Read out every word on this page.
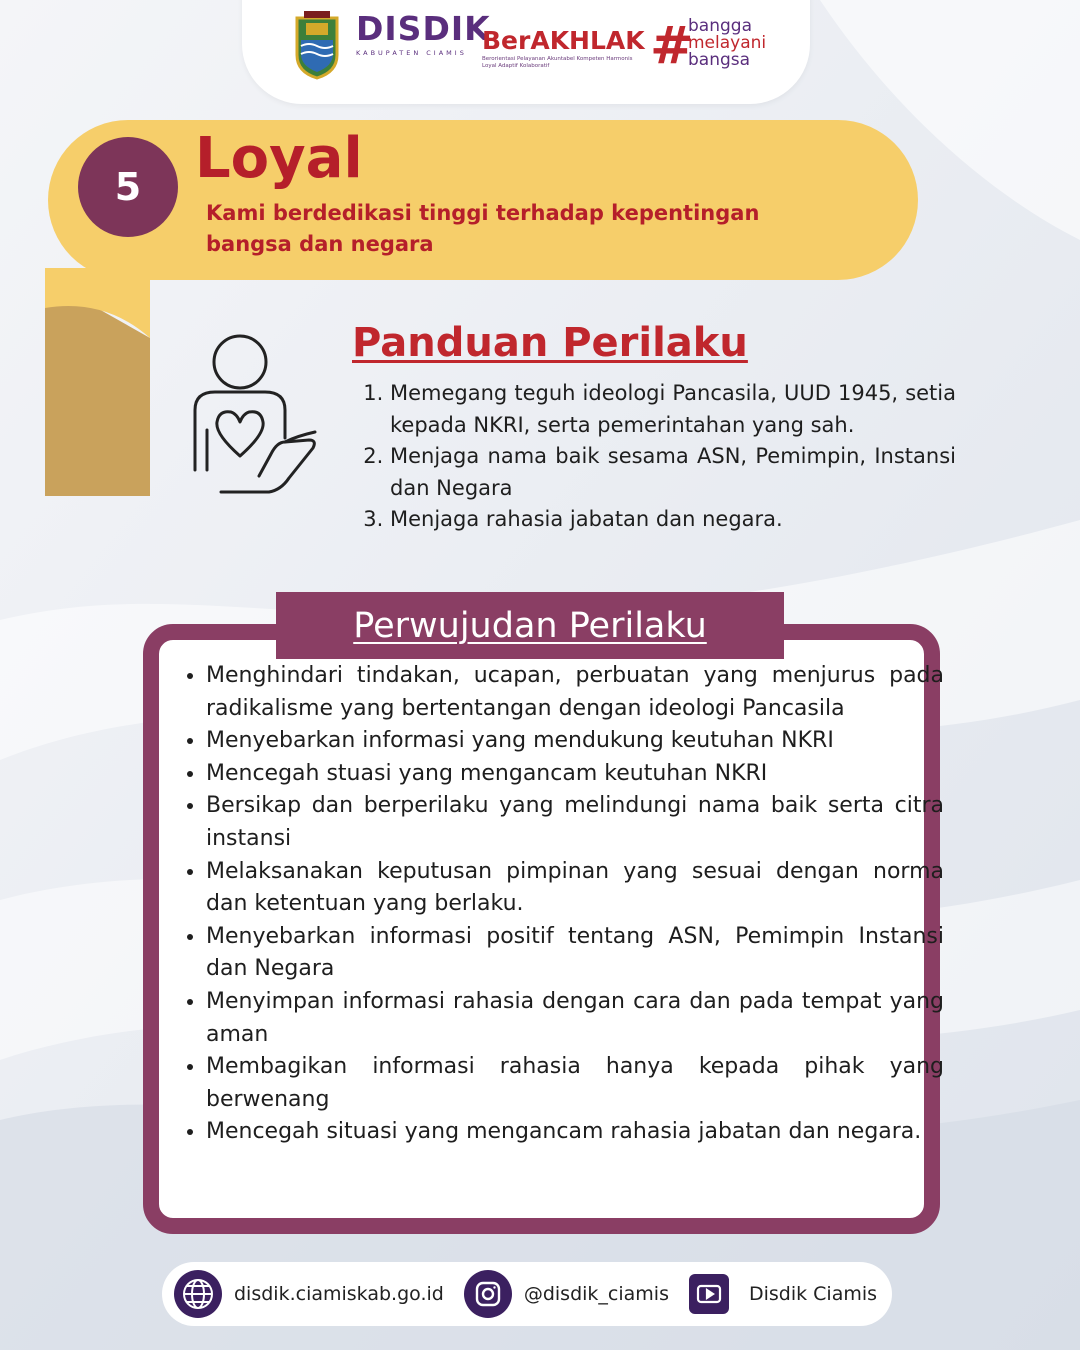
DISDIK
KABUPATEN CIAMIS BerAKHLAK
Berorientasi Pelayanan Akuntabel Kompeten Harmonis Loyal Adaptif Kolaboratif	#
bangga
melayani
bangsa
5 Loyal
Kami berdedikasi tinggi terhadap kepentingan bangsa dan negara
Panduan Perilaku
1. Memegang teguh ideologi Pancasila, UUD 1945, setia kepada NKRI, serta pemerintahan yang sah.
2. Menjaga nama baik sesama ASN, Pemimpin, Instansi dan Negara
3. Menjaga rahasia jabatan dan negara.
Perwujudan Perilaku
• Menghindari tindakan, ucapan, perbuatan yang menjurus pada radikalisme yang bertentangan dengan ideologi Pancasila
• Menyebarkan informasi yang mendukung keutuhan NKRI
• Mencegah stuasi yang mengancam keutuhan NKRI
• Bersikap dan berperilaku yang melindungi nama baik serta citra instansi
• Melaksanakan keputusan pimpinan yang sesuai dengan norma dan ketentuan yang berlaku.
• Menyebarkan informasi positif tentang ASN, Pemimpin Instansi dan Negara
• Menyimpan informasi rahasia dengan cara dan pada tempat yang aman
• Membagikan informasi rahasia hanya kepada pihak yang berwenang
• Mencegah situasi yang mengancam rahasia jabatan dan negara.
disdik.ciamiskab.go.id	@disdik_ciamis	Disdik Ciamis
